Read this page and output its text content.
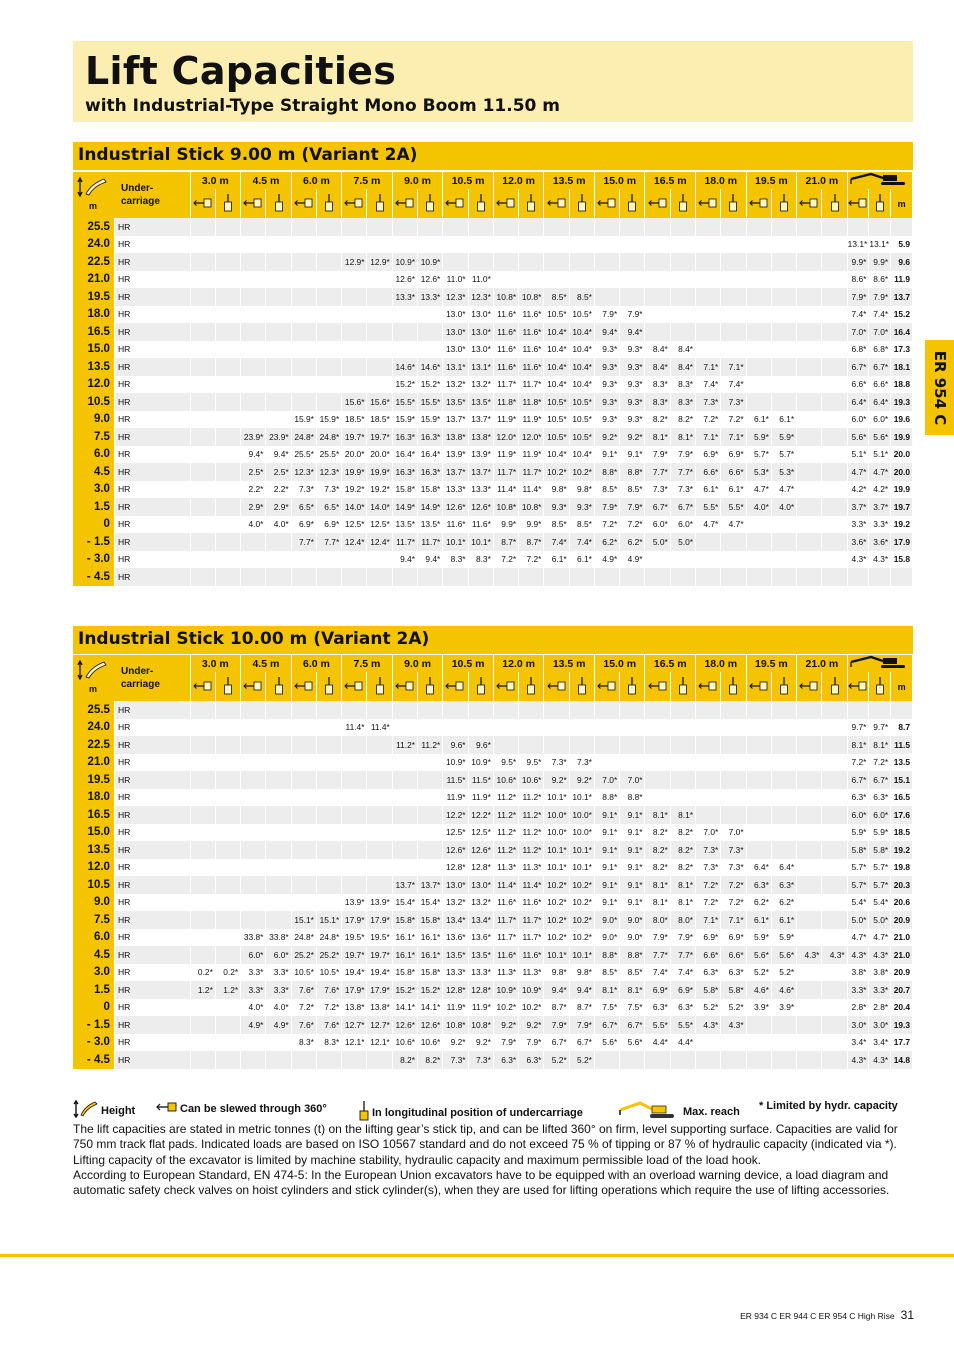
Lift Capacities
with Industrial-Type Straight Mono Boom 11.50 m
ER 954 C
Industrial Stick 9.00 m (Variant 2A)
m
Under-
carriage		3.0 m		4.5 m		6.0 m		7.5 m		9.0 m		10.5 m		12.0 m		13.5 m		15.0 m		16.5 m		18.0 m		19.5 m		21.0 m	
																												m
25.5	HR																													
24.0	HR																											13.1*	13.1*	5.9
22.5	HR							12.9*	12.9*	10.9*	10.9*																	9.9*	9.9*	9.6
21.0	HR									12.6*	12.6*	11.0*	11.0*															8.6*	8.6*	11.9
19.5	HR									13.3*	13.3*	12.3*	12.3*	10.8*	10.8*	8.5*	8.5*											7.9*	7.9*	13.7
18.0	HR											13.0*	13.0*	11.6*	11.6*	10.5*	10.5*	7.9*	7.9*									7.4*	7.4*	15.2
16.5	HR											13.0*	13.0*	11.6*	11.6*	10.4*	10.4*	9.4*	9.4*									7.0*	7.0*	16.4
15.0	HR											13.0*	13.0*	11.6*	11.6*	10.4*	10.4*	9.3*	9.3*	8.4*	8.4*							6.8*	6.8*	17.3
13.5	HR									14.6*	14.6*	13.1*	13.1*	11.6*	11.6*	10.4*	10.4*	9.3*	9.3*	8.4*	8.4*	7.1*	7.1*					6.7*	6.7*	18.1
12.0	HR									15.2*	15.2*	13.2*	13.2*	11.7*	11.7*	10.4*	10.4*	9.3*	9.3*	8.3*	8.3*	7.4*	7.4*					6.6*	6.6*	18.8
10.5	HR							15.6*	15.6*	15.5*	15.5*	13.5*	13.5*	11.8*	11.8*	10.5*	10.5*	9.3*	9.3*	8.3*	8.3*	7.3*	7.3*					6.4*	6.4*	19.3
9.0	HR					15.9*	15.9*	18.5*	18.5*	15.9*	15.9*	13.7*	13.7*	11.9*	11.9*	10.5*	10.5*	9.3*	9.3*	8.2*	8.2*	7.2*	7.2*	6.1*	6.1*			6.0*	6.0*	19.6
7.5	HR			23.9*	23.9*	24.8*	24.8*	19.7*	19.7*	16.3*	16.3*	13.8*	13.8*	12.0*	12.0*	10.5*	10.5*	9.2*	9.2*	8.1*	8.1*	7.1*	7.1*	5.9*	5.9*			5.6*	5.6*	19.9
6.0	HR			9.4*	9.4*	25.5*	25.5*	20.0*	20.0*	16.4*	16.4*	13.9*	13.9*	11.9*	11.9*	10.4*	10.4*	9.1*	9.1*	7.9*	7.9*	6.9*	6.9*	5.7*	5.7*			5.1*	5.1*	20.0
4.5	HR			2.5*	2.5*	12.3*	12.3*	19.9*	19.9*	16.3*	16.3*	13.7*	13.7*	11.7*	11.7*	10.2*	10.2*	8.8*	8.8*	7.7*	7.7*	6.6*	6.6*	5.3*	5.3*			4.7*	4.7*	20.0
3.0	HR			2.2*	2.2*	7.3*	7.3*	19.2*	19.2*	15.8*	15.8*	13.3*	13.3*	11.4*	11.4*	9.8*	9.8*	8.5*	8.5*	7.3*	7.3*	6.1*	6.1*	4.7*	4.7*			4.2*	4.2*	19.9
1.5	HR			2.9*	2.9*	6.5*	6.5*	14.0*	14.0*	14.9*	14.9*	12.6*	12.6*	10.8*	10.8*	9.3*	9.3*	7.9*	7.9*	6.7*	6.7*	5.5*	5.5*	4.0*	4.0*			3.7*	3.7*	19.7
0	HR			4.0*	4.0*	6.9*	6.9*	12.5*	12.5*	13.5*	13.5*	11.6*	11.6*	9.9*	9.9*	8.5*	8.5*	7.2*	7.2*	6.0*	6.0*	4.7*	4.7*					3.3*	3.3*	19.2
- 1.5	HR					7.7*	7.7*	12.4*	12.4*	11.7*	11.7*	10.1*	10.1*	8.7*	8.7*	7.4*	7.4*	6.2*	6.2*	5.0*	5.0*							3.6*	3.6*	17.9
- 3.0	HR									9.4*	9.4*	8.3*	8.3*	7.2*	7.2*	6.1*	6.1*	4.9*	4.9*									4.3*	4.3*	15.8
- 4.5	HR																													
Industrial Stick 10.00 m (Variant 2A)
m
Under-
carriage		3.0 m		4.5 m		6.0 m		7.5 m		9.0 m		10.5 m		12.0 m		13.5 m		15.0 m		16.5 m		18.0 m		19.5 m		21.0 m	
																												m
25.5	HR																													
24.0	HR							11.4*	11.4*																			9.7*	9.7*	8.7
22.5	HR									11.2*	11.2*	9.6*	9.6*															8.1*	8.1*	11.5
21.0	HR											10.9*	10.9*	9.5*	9.5*	7.3*	7.3*											7.2*	7.2*	13.5
19.5	HR											11.5*	11.5*	10.6*	10.6*	9.2*	9.2*	7.0*	7.0*									6.7*	6.7*	15.1
18.0	HR											11.9*	11.9*	11.2*	11.2*	10.1*	10.1*	8.8*	8.8*									6.3*	6.3*	16.5
16.5	HR											12.2*	12.2*	11.2*	11.2*	10.0*	10.0*	9.1*	9.1*	8.1*	8.1*							6.0*	6.0*	17.6
15.0	HR											12.5*	12.5*	11.2*	11.2*	10.0*	10.0*	9.1*	9.1*	8.2*	8.2*	7.0*	7.0*					5.9*	5.9*	18.5
13.5	HR											12.6*	12.6*	11.2*	11.2*	10.1*	10.1*	9.1*	9.1*	8.2*	8.2*	7.3*	7.3*					5.8*	5.8*	19.2
12.0	HR											12.8*	12.8*	11.3*	11.3*	10.1*	10.1*	9.1*	9.1*	8.2*	8.2*	7.3*	7.3*	6.4*	6.4*			5.7*	5.7*	19.8
10.5	HR									13.7*	13.7*	13.0*	13.0*	11.4*	11.4*	10.2*	10.2*	9.1*	9.1*	8.1*	8.1*	7.2*	7.2*	6.3*	6.3*			5.7*	5.7*	20.3
9.0	HR							13.9*	13.9*	15.4*	15.4*	13.2*	13.2*	11.6*	11.6*	10.2*	10.2*	9.1*	9.1*	8.1*	8.1*	7.2*	7.2*	6.2*	6.2*			5.4*	5.4*	20.6
7.5	HR					15.1*	15.1*	17.9*	17.9*	15.8*	15.8*	13.4*	13.4*	11.7*	11.7*	10.2*	10.2*	9.0*	9.0*	8.0*	8.0*	7.1*	7.1*	6.1*	6.1*			5.0*	5.0*	20.9
6.0	HR			33.8*	33.8*	24.8*	24.8*	19.5*	19.5*	16.1*	16.1*	13.6*	13.6*	11.7*	11.7*	10.2*	10.2*	9.0*	9.0*	7.9*	7.9*	6.9*	6.9*	5.9*	5.9*			4.7*	4.7*	21.0
4.5	HR			6.0*	6.0*	25.2*	25.2*	19.7*	19.7*	16.1*	16.1*	13.5*	13.5*	11.6*	11.6*	10.1*	10.1*	8.8*	8.8*	7.7*	7.7*	6.6*	6.6*	5.6*	5.6*	4.3*	4.3*	4.3*	4.3*	21.0
3.0	HR	0.2*	0.2*	3.3*	3.3*	10.5*	10.5*	19.4*	19.4*	15.8*	15.8*	13.3*	13.3*	11.3*	11.3*	9.8*	9.8*	8.5*	8.5*	7.4*	7.4*	6.3*	6.3*	5.2*	5.2*			3.8*	3.8*	20.9
1.5	HR	1.2*	1.2*	3.3*	3.3*	7.6*	7.6*	17.9*	17.9*	15.2*	15.2*	12.8*	12.8*	10.9*	10.9*	9.4*	9.4*	8.1*	8.1*	6.9*	6.9*	5.8*	5.8*	4.6*	4.6*			3.3*	3.3*	20.7
0	HR			4.0*	4.0*	7.2*	7.2*	13.8*	13.8*	14.1*	14.1*	11.9*	11.9*	10.2*	10.2*	8.7*	8.7*	7.5*	7.5*	6.3*	6.3*	5.2*	5.2*	3.9*	3.9*			2.8*	2.8*	20.4
- 1.5	HR			4.9*	4.9*	7.6*	7.6*	12.7*	12.7*	12.6*	12.6*	10.8*	10.8*	9.2*	9.2*	7.9*	7.9*	6.7*	6.7*	5.5*	5.5*	4.3*	4.3*					3.0*	3.0*	19.3
- 3.0	HR					8.3*	8.3*	12.1*	12.1*	10.6*	10.6*	9.2*	9.2*	7.9*	7.9*	6.7*	6.7*	5.6*	5.6*	4.4*	4.4*							3.4*	3.4*	17.7
- 4.5	HR									8.2*	8.2*	7.3*	7.3*	6.3*	6.3*	5.2*	5.2*											4.3*	4.3*	14.8
Height	Can be slewed through 360°	In longitudinal position of undercarriage	Max. reach * Limited by hydr. capacity

The lift capacities are stated in metric tonnes (t) on the lifting gear’s stick tip, and can be lifted 360° on firm, level supporting surface. Capacities are valid for 750 mm track flat pads. Indicated loads are based on ISO 10567 standard and do not exceed 75 % of tipping or 87 % of hydraulic capacity (indicated via *). Lifting capacity of the excavator is limited by machine stability, hydraulic capacity and maximum permissible load of the load hook.

According to European Standard, EN 474-5: In the European Union excavators have to be equipped with an overload warning device, a load diagram and automatic safety check valves on hoist cylinders and stick cylinder(s), when they are used for lifting operations which require the use of lifting accessories.

ER 934 C ER 944 C ER 954 C High Rise 31
